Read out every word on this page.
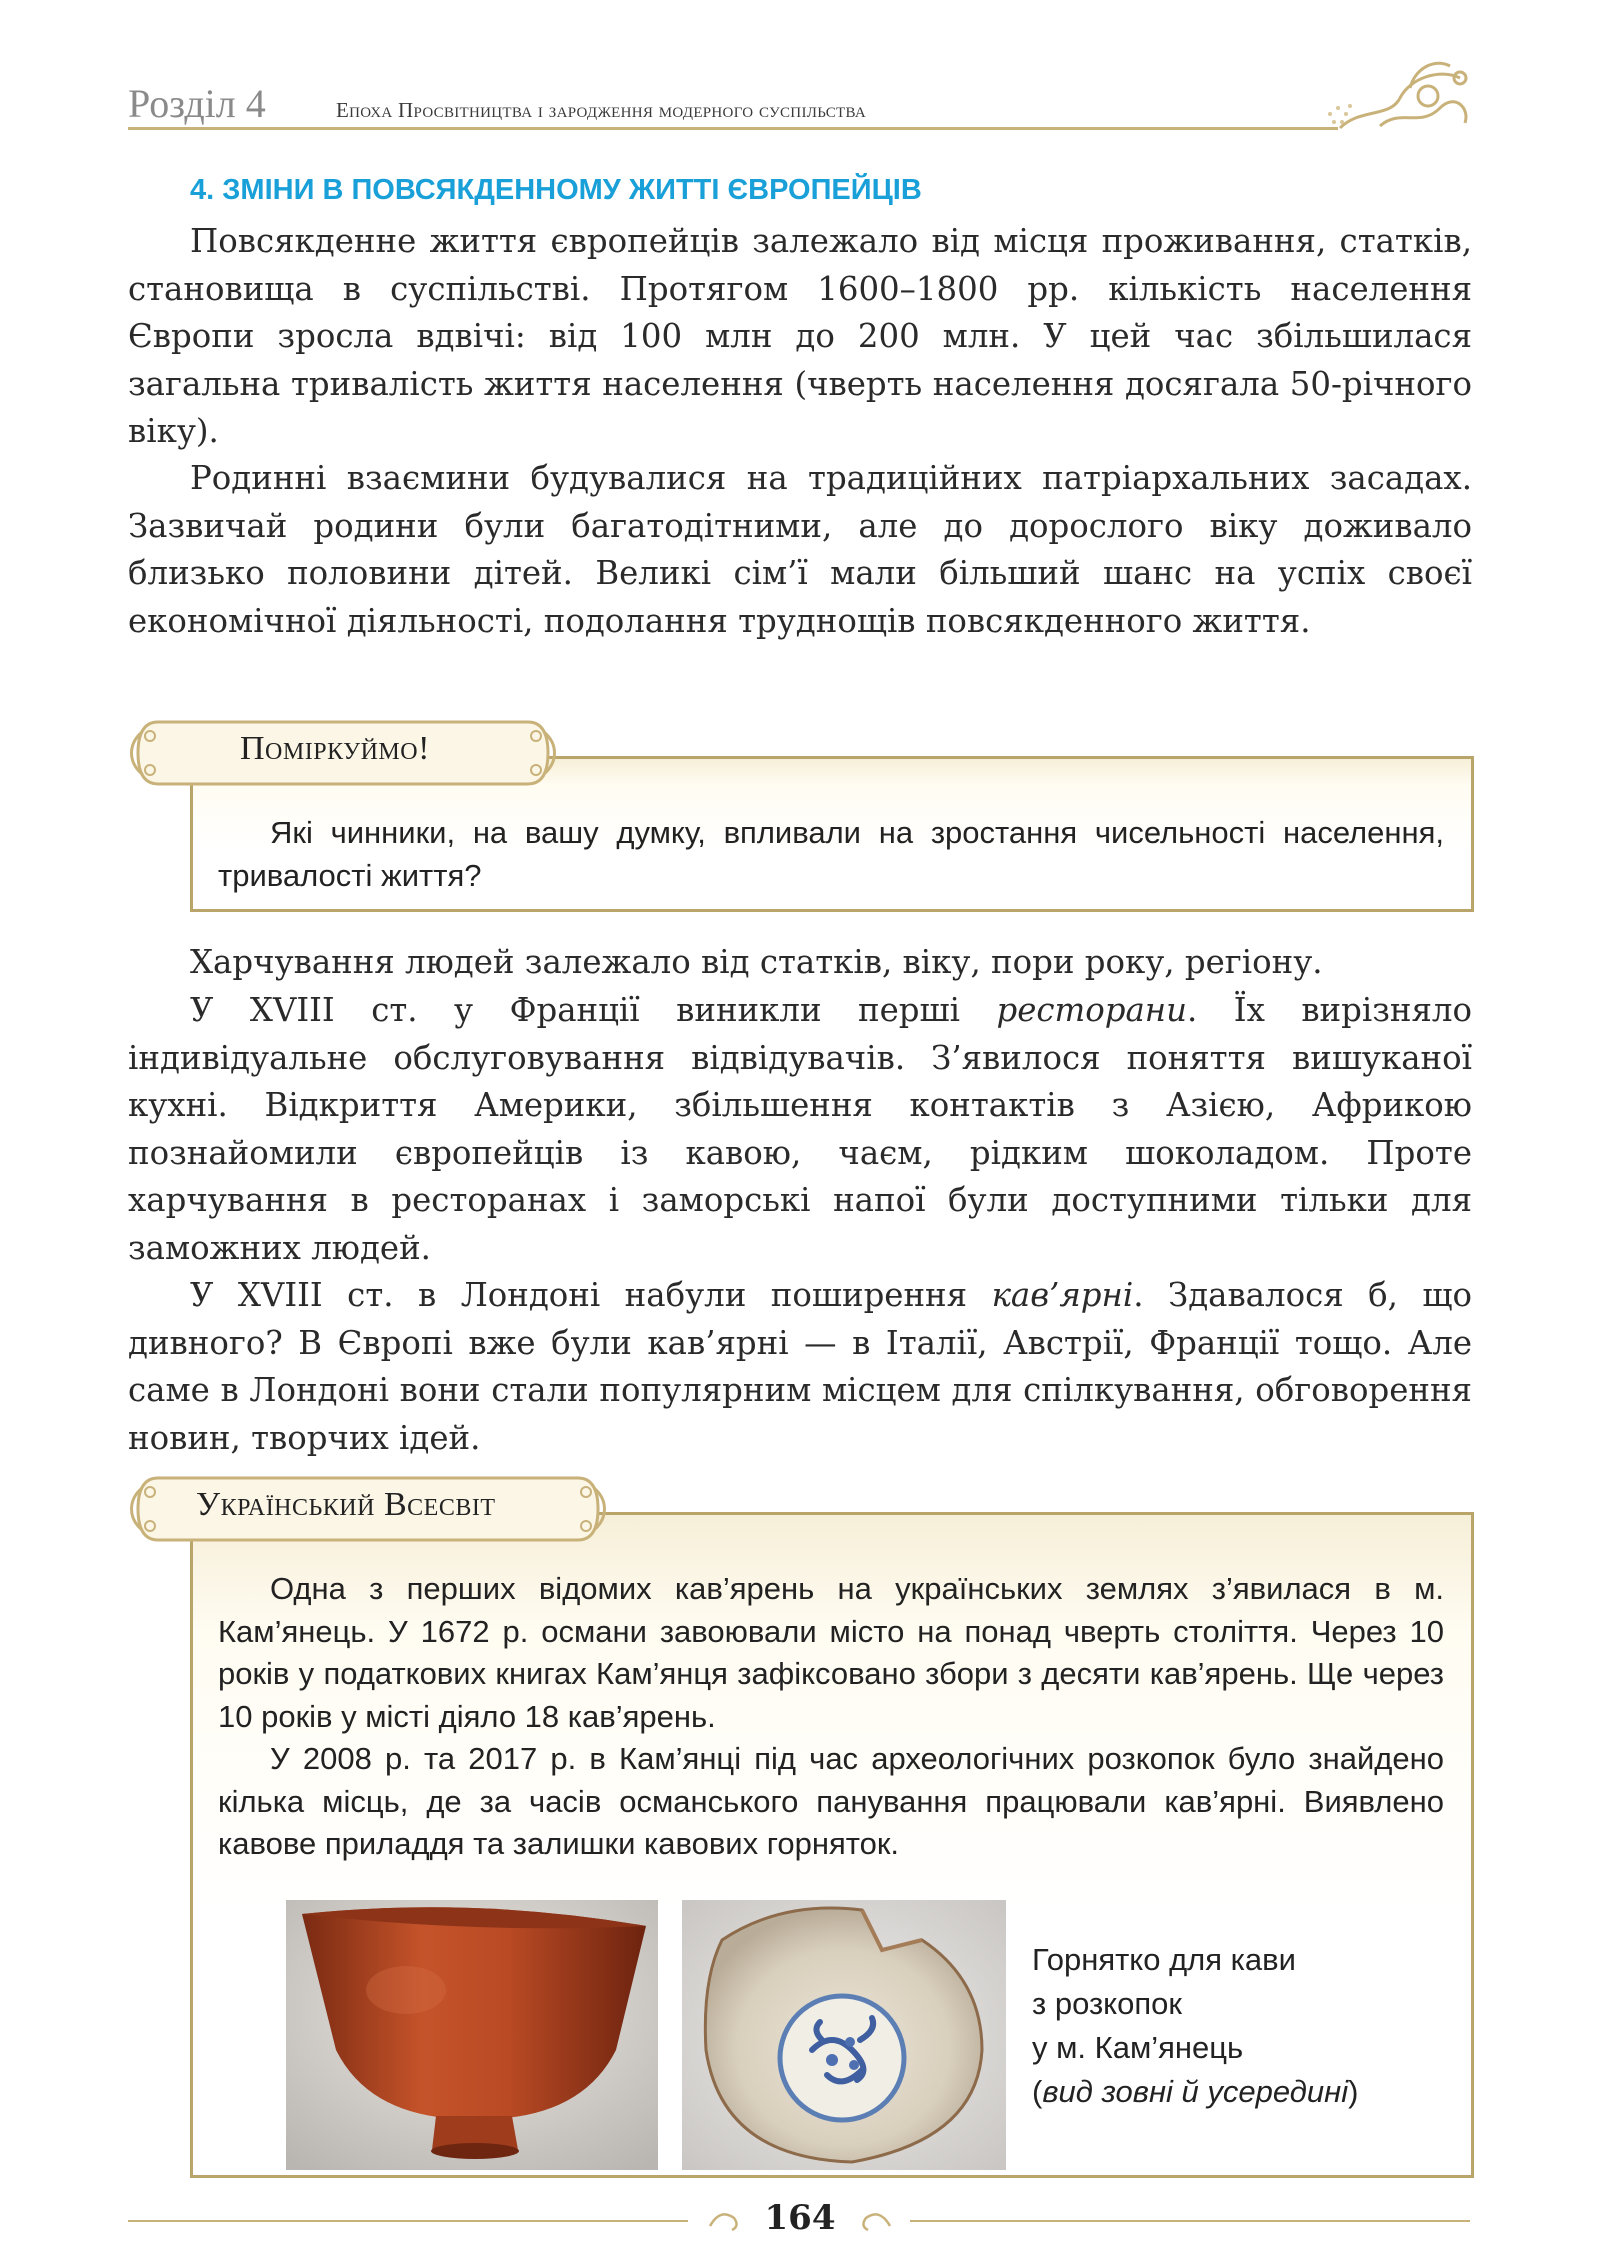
Розділ 4	Епоха Просвітництва і зародження модерного суспільства
4. ЗМІНИ В ПОВСЯКДЕННОМУ ЖИТТІ ЄВРОПЕЙЦІВ

Повсякденне життя європейців залежало від місця проживання, статків, становища в суспільстві. Протягом 1600–1800 рр. кількість населення Європи зросла вдвічі: від 100 млн до 200 млн. У цей час збільшилася загальна тривалість життя населення (чверть населення досягала 50-річного віку).

Родинні взаємини будувалися на традиційних патріархальних засадах. Зазвичай родини були багатодітними, але до дорослого віку доживало близько половини дітей. Великі сім’ї мали більший шанс на успіх своєї економічної діяльності, подолання труднощів повсякденного життя.

Поміркуймо!

Які чинники, на вашу думку, впливали на зростання чисельності населення, тривалості життя?

Харчування людей залежало від статків, віку, пори року, регіону.

У XVIII ст. у Франції виникли перші ресторани. Їх вирізняло індивідуальне обслуговування відвідувачів. З’явилося поняття вишуканої кухні. Відкриття Америки, збільшення контактів з Азією, Африкою познайомили європейців із кавою, чаєм, рідким шоколадом. Проте харчування в ресторанах і заморські напої були доступними тільки для заможних людей.

У XVIII ст. в Лондоні набули поширення кав’ярні. Здавалося б, що дивного? В Європі вже були кав’ярні — в Італії, Австрії, Франції тощо. Але саме в Лондоні вони стали популярним місцем для спілкування, обговорення новин, творчих ідей.

Український Всесвіт

Одна з перших відомих кав’ярень на українських землях з’явилася в м. Кам’янець. У 1672 р. османи завоювали місто на понад чверть століття. Через 10 років у податкових книгах Кам’янця зафіксовано збори з десяти кав’ярень. Ще через 10 років у місті діяло 18 кав’ярень.

У 2008 р. та 2017 р. в Кам’янці під час археологічних розкопок було знайдено кілька місць, де за часів османського панування працювали кав’ярні. Виявлено кавове приладдя та залишки кавових горняток.

Горнятко для кави
з розкопок
у м. Кам’янець
(вид зовні й усередині)
164
